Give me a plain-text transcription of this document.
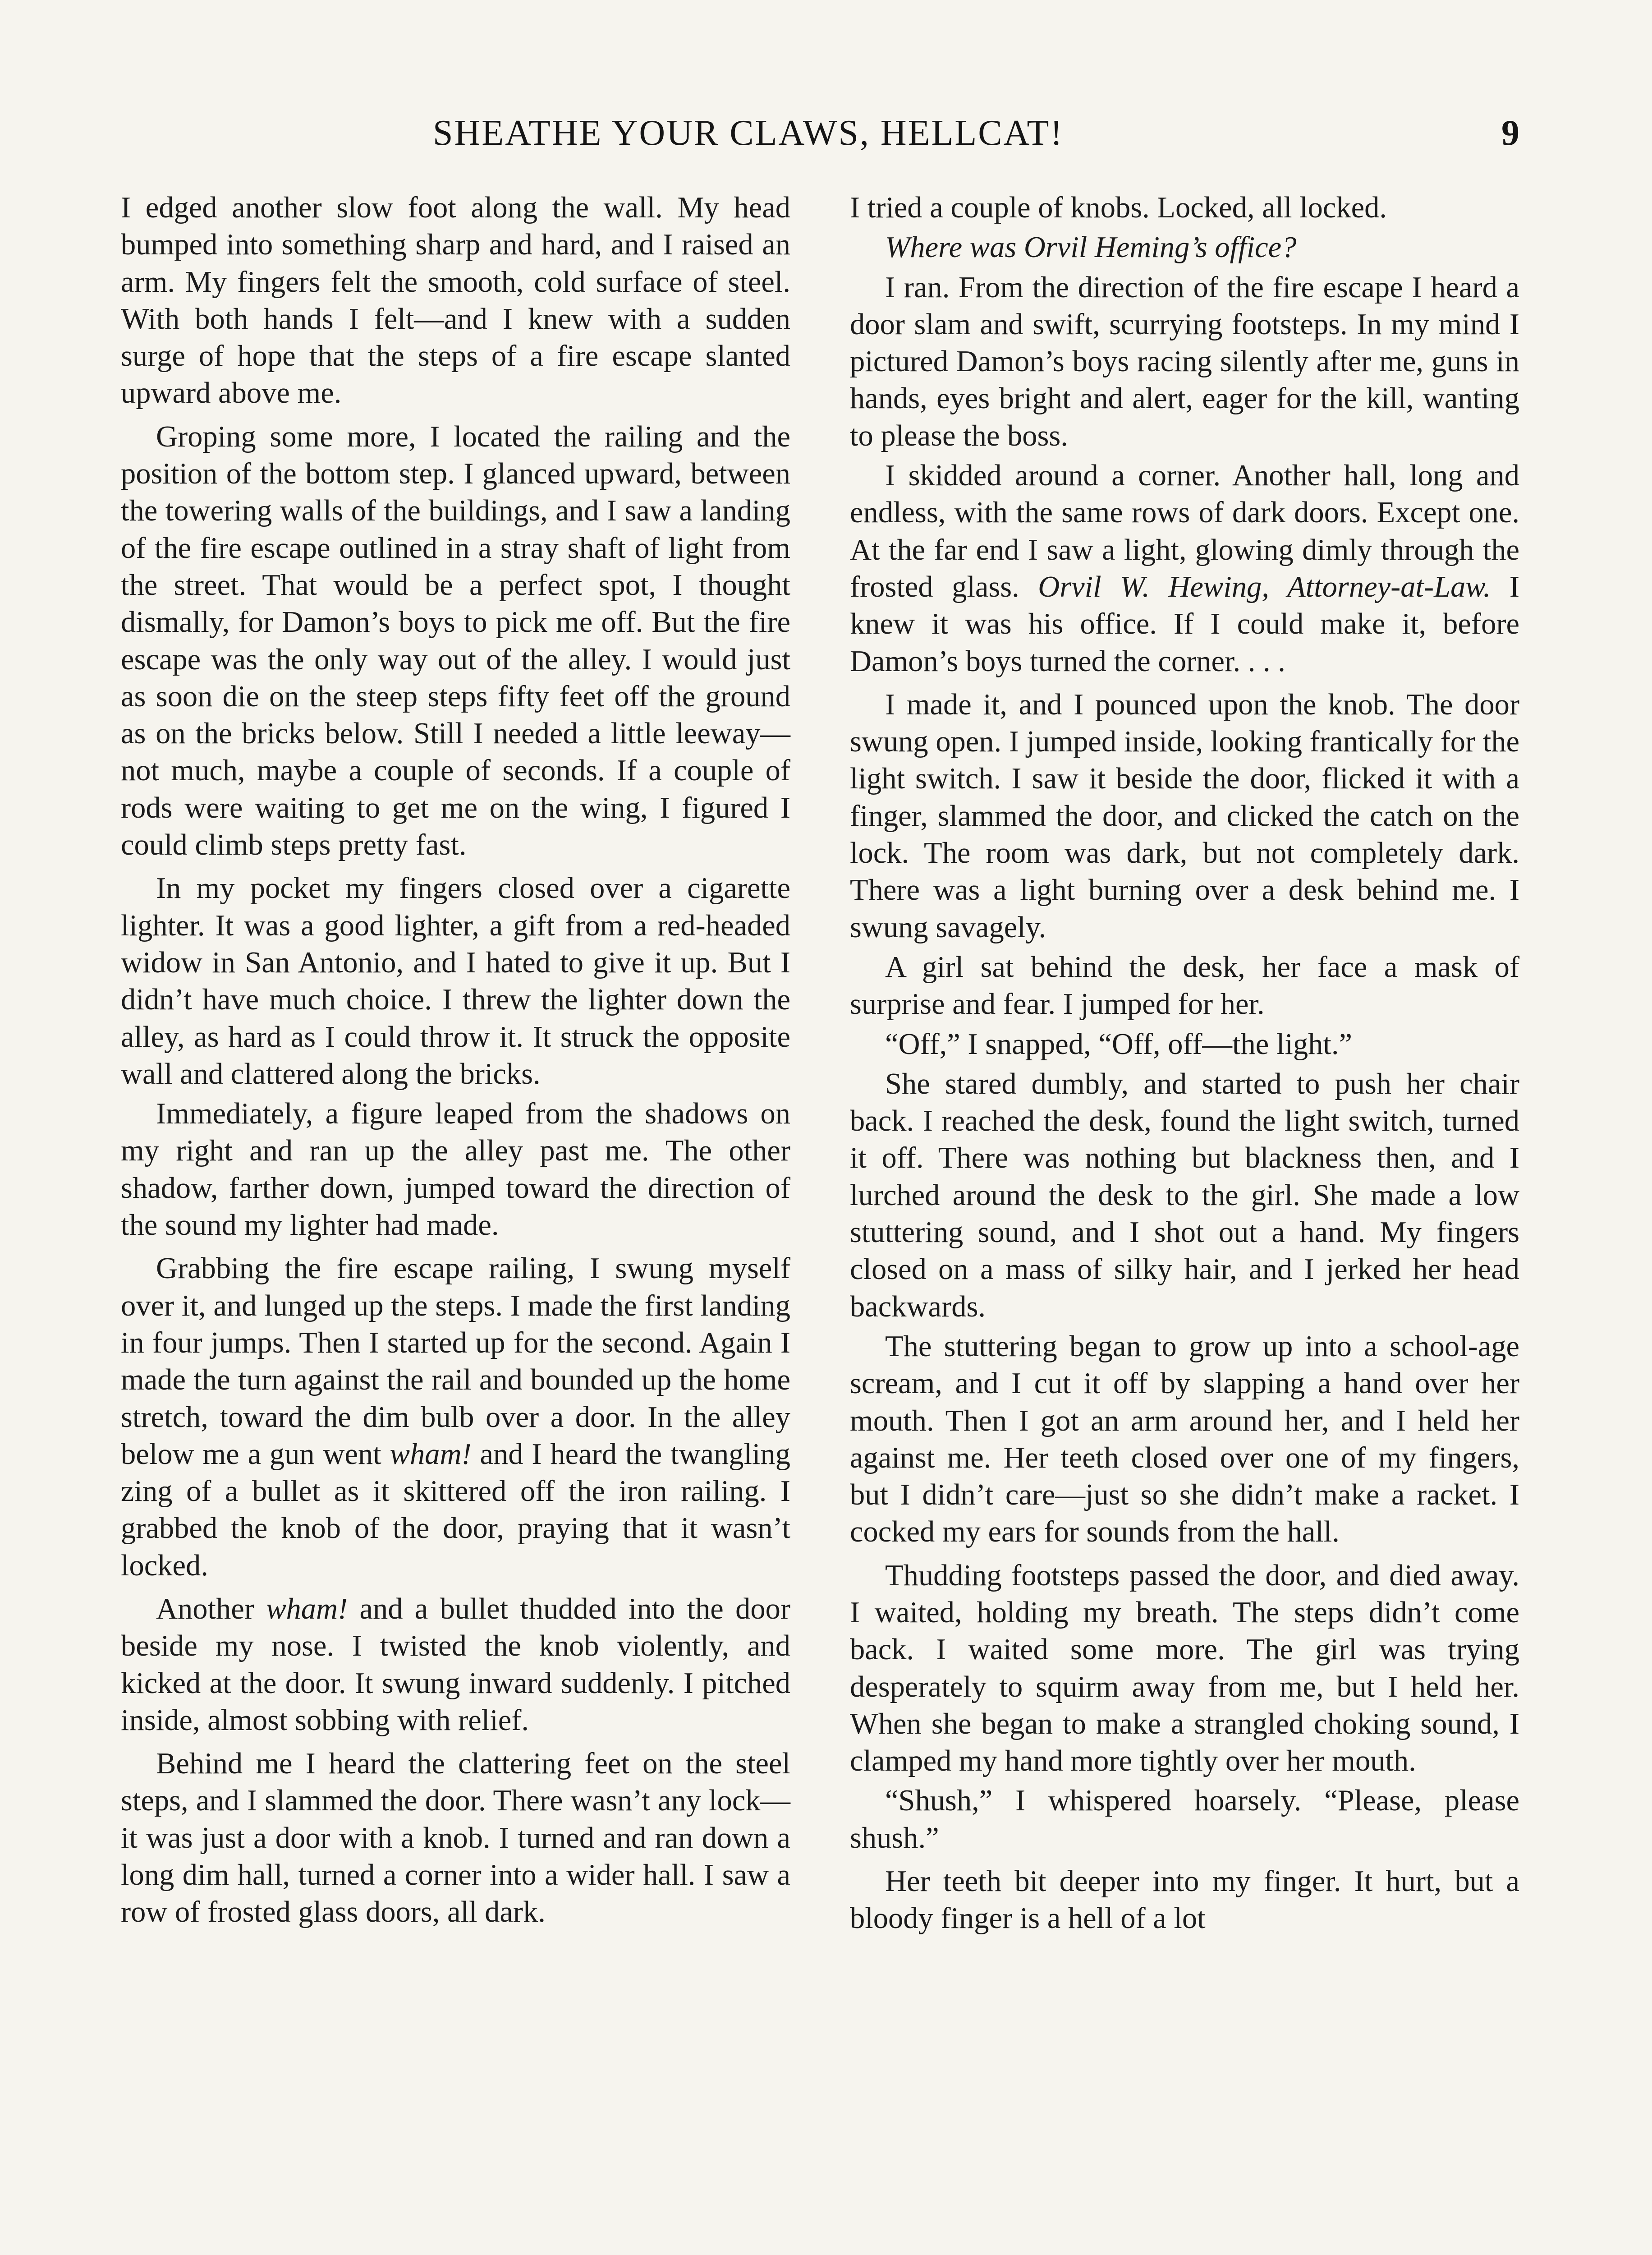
SHEATHE YOUR CLAWS, HELLCAT!	9

I edged another slow foot along the wall. My head bumped into something sharp and hard, and I raised an arm. My fingers felt the smooth, cold surface of steel. With both hands I felt—and I knew with a sudden surge of hope that the steps of a fire escape slanted upward above me.

Groping some more, I located the railing and the position of the bottom step. I glanced upward, between the towering walls of the buildings, and I saw a landing of the fire escape outlined in a stray shaft of light from the street. That would be a perfect spot, I thought dismally, for Damon’s boys to pick me off. But the fire escape was the only way out of the alley. I would just as soon die on the steep steps fifty feet off the ground as on the bricks below. Still I needed a little leeway—not much, maybe a couple of seconds. If a couple of rods were waiting to get me on the wing, I figured I could climb steps pretty fast.

In my pocket my fingers closed over a cigarette lighter. It was a good lighter, a gift from a red-headed widow in San Antonio, and I hated to give it up. But I didn’t have much choice. I threw the lighter down the alley, as hard as I could throw it. It struck the opposite wall and clattered along the bricks.

Immediately, a figure leaped from the shadows on my right and ran up the alley past me. The other shadow, farther down, jumped toward the direction of the sound my lighter had made.

Grabbing the fire escape railing, I swung myself over it, and lunged up the steps. I made the first landing in four jumps. Then I started up for the second. Again I made the turn against the rail and bounded up the home stretch, toward the dim bulb over a door. In the alley below me a gun went wham! and I heard the twangling zing of a bullet as it skittered off the iron railing. I grabbed the knob of the door, praying that it wasn’t locked.

Another wham! and a bullet thudded into the door beside my nose. I twisted the knob violently, and kicked at the door. It swung inward suddenly. I pitched inside, almost sobbing with relief.

Behind me I heard the clattering feet on the steel steps, and I slammed the door. There wasn’t any lock—it was just a door with a knob. I turned and ran down a long dim hall, turned a corner into a wider hall. I saw a row of frosted glass doors, all dark.

I tried a couple of knobs. Locked, all locked.

Where was Orvil Heming’s office?

I ran. From the direction of the fire escape I heard a door slam and swift, scurrying footsteps. In my mind I pictured Damon’s boys racing silently after me, guns in hands, eyes bright and alert, eager for the kill, wanting to please the boss.

I skidded around a corner. Another hall, long and endless, with the same rows of dark doors. Except one. At the far end I saw a light, glowing dimly through the frosted glass. Orvil W. Hewing, Attorney-at-Law. I knew it was his office. If I could make it, before Damon’s boys turned the corner. . . .

I made it, and I pounced upon the knob. The door swung open. I jumped inside, looking frantically for the light switch. I saw it beside the door, flicked it with a finger, slammed the door, and clicked the catch on the lock. The room was dark, but not completely dark. There was a light burning over a desk behind me. I swung savagely.

A girl sat behind the desk, her face a mask of surprise and fear. I jumped for her.

“Off,” I snapped, “Off, off—the light.”

She stared dumbly, and started to push her chair back. I reached the desk, found the light switch, turned it off. There was nothing but blackness then, and I lurched around the desk to the girl. She made a low stuttering sound, and I shot out a hand. My fingers closed on a mass of silky hair, and I jerked her head backwards.

The stuttering began to grow up into a school-age scream, and I cut it off by slapping a hand over her mouth. Then I got an arm around her, and I held her against me. Her teeth closed over one of my fingers, but I didn’t care—just so she didn’t make a racket. I cocked my ears for sounds from the hall.

Thudding footsteps passed the door, and died away. I waited, holding my breath. The steps didn’t come back. I waited some more. The girl was trying desperately to squirm away from me, but I held her. When she began to make a strangled choking sound, I clamped my hand more tightly over her mouth.

“Shush,” I whispered hoarsely. “Please, please shush.”

Her teeth bit deeper into my finger. It hurt, but a bloody finger is a hell of a lot
